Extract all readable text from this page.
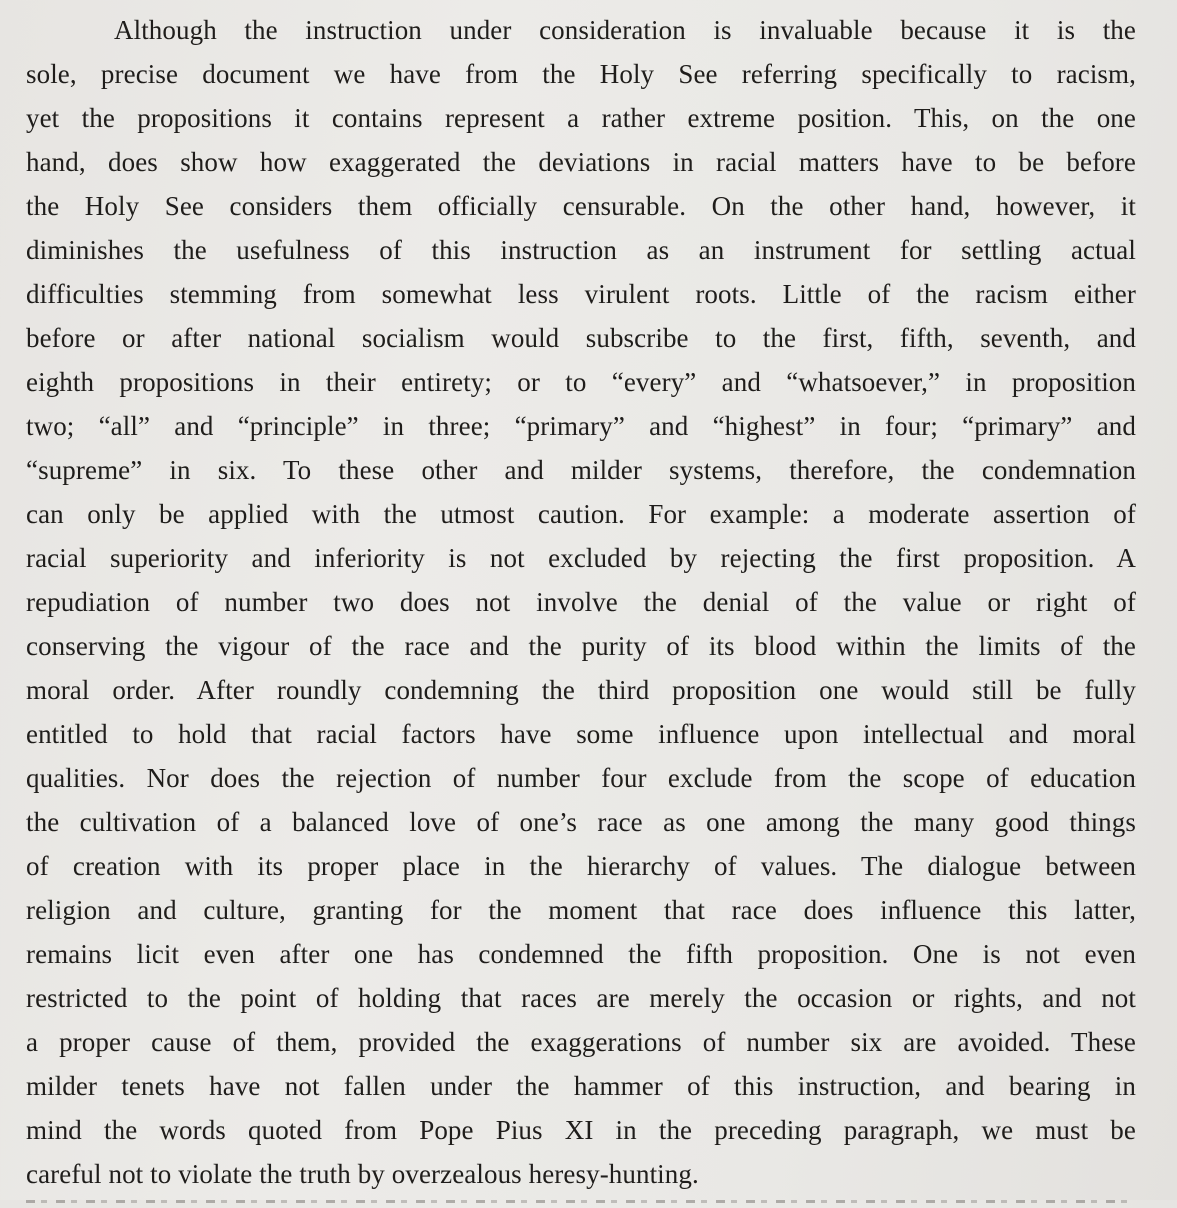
Although the instruction under consideration is invaluable because it is the
sole, precise document we have from the Holy See referring specifically to racism,
yet the propositions it contains represent a rather extreme position. This, on the one
hand, does show how exaggerated the deviations in racial matters have to be before
the Holy See considers them officially censurable. On the other hand, however, it
diminishes the usefulness of this instruction as an instrument for settling actual
difficulties stemming from somewhat less virulent roots. Little of the racism either
before or after national socialism would subscribe to the first, fifth, seventh, and
eighth propositions in their entirety; or to “every” and “whatsoever,” in proposition
two; “all” and “principle” in three; “primary” and “highest” in four; “primary” and
“supreme” in six. To these other and milder systems, therefore, the condemnation
can only be applied with the utmost caution. For example: a moderate assertion of
racial superiority and inferiority is not excluded by rejecting the first proposition. A
repudiation of number two does not involve the denial of the value or right of
conserving the vigour of the race and the purity of its blood within the limits of the
moral order. After roundly condemning the third proposition one would still be fully
entitled to hold that racial factors have some influence upon intellectual and moral
qualities. Nor does the rejection of number four exclude from the scope of education
the cultivation of a balanced love of one’s race as one among the many good things
of creation with its proper place in the hierarchy of values. The dialogue between
religion and culture, granting for the moment that race does influence this latter,
remains licit even after one has condemned the fifth proposition. One is not even
restricted to the point of holding that races are merely the occasion or rights, and not
a proper cause of them, provided the exaggerations of number six are avoided. These
milder tenets have not fallen under the hammer of this instruction, and bearing in
mind the words quoted from Pope Pius XI in the preceding paragraph, we must be
careful not to violate the truth by overzealous heresy-hunting.
